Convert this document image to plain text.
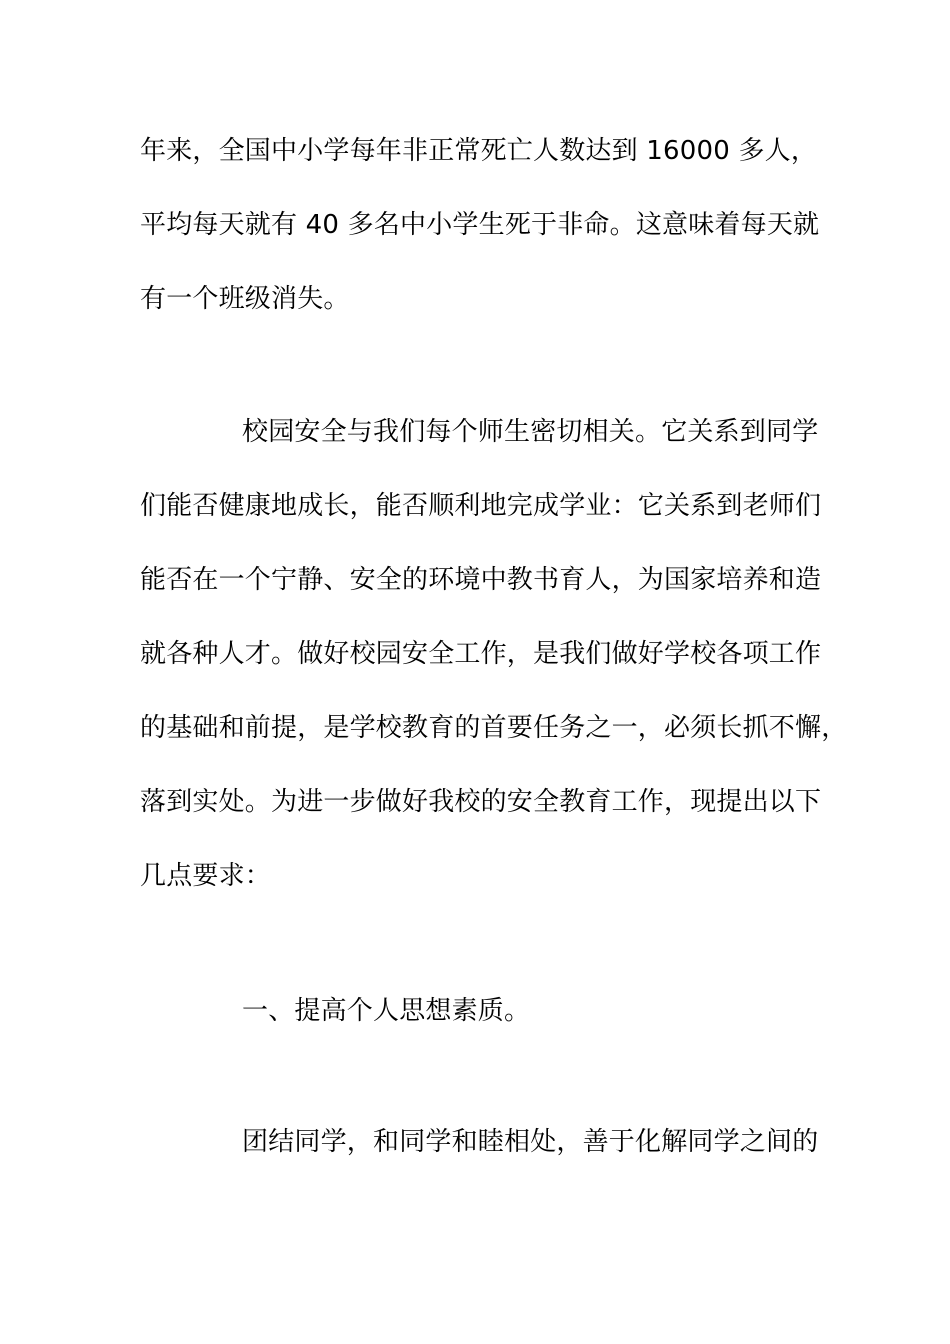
年来，全国中小学每年非正常死亡人数达到 16000 多人，
平均每天就有 40 多名中小学生死于非命。这意味着每天就
有一个班级消失。
校园安全与我们每个师生密切相关。它关系到同学
们能否健康地成长，能否顺利地完成学业：它关系到老师们
能否在一个宁静、安全的环境中教书育人，为国家培养和造
就各种人才。做好校园安全工作，是我们做好学校各项工作
的基础和前提，是学校教育的首要任务之一，必须长抓不懈，
落到实处。为进一步做好我校的安全教育工作，现提出以下
几点要求：
一、提高个人思想素质。
团结同学，和同学和睦相处，善于化解同学之间的
